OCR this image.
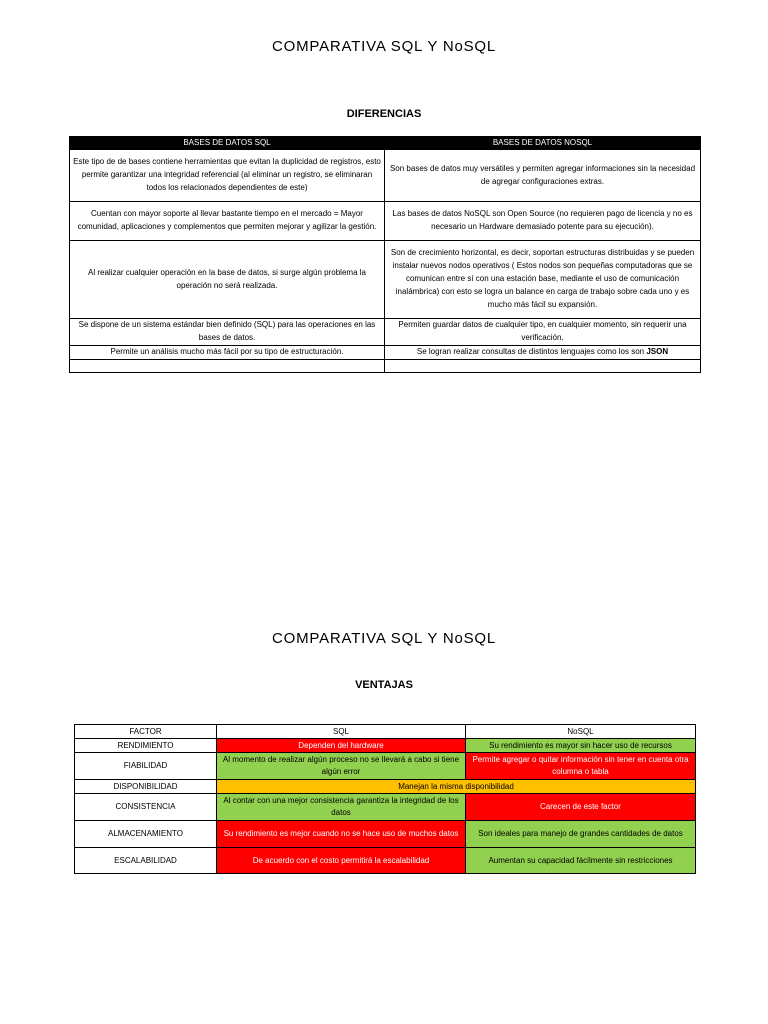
COMPARATIVA SQL Y NoSQL
DIFERENCIAS
BASES DE DATOS SQL	BASES DE DATOS NOSQL
Este tipo de de bases contiene herramientas que evitan la duplicidad de registros, esto permite garantizar una integridad referencial (al eliminar un registro, se eliminaran todos los relacionados dependientes de este)	Son bases de datos muy versátiles y permiten agregar informaciones sin la necesidad de agregar configuraciones extras.
Cuentan con mayor soporte al llevar bastante tiempo en el mercado = Mayor comunidad, aplicaciones y complementos que permiten mejorar y agilizar la gestión.	Las bases de datos NoSQL son Open Source (no requieren pago de licencia y no es necesario un Hardware demasiado potente para su ejecución).
Al realizar cualquier operación en la base de datos, si surge algún problema la operación no será realizada.	Son de crecimiento horizontal, es decir, soportan estructuras distribuidas y se pueden instalar nuevos nodos operativos ( Estos nodos son pequeñas computadoras que se comunican entre sí con una estación base, mediante el uso de comunicación inalámbrica) con esto se logra un balance en carga de trabajo sobre cada uno y es mucho más fácil su expansión.
Se dispone de un sistema estándar bien definido (SQL) para las operaciones en las bases de datos.	Permiten guardar datos de cualquier tipo, en cualquier momento, sin requerir una verificación.
Permite un análisis mucho más fácil por su tipo de estructuración.	Se logran realizar consultas de distintos lenguajes como los son JSON

COMPARATIVA SQL Y NoSQL
VENTAJAS
FACTOR	SQL	NoSQL
RENDIMIENTO	Dependen del hardware	Su rendimiento es mayor sin hacer uso de recursos
FIABILIDAD	Al momento de realizar algún proceso no se llevará a cabo si tiene algún error	Permite agregar o quitar información sin tener en cuenta otra columna o tabla
DISPONIBILIDAD	Manejan la misma disponibilidad	
CONSISTENCIA	Al contar con una mejor consistencia garantiza la integridad de los datos	Carecen de este factor
ALMACENAMIENTO	Su rendimiento es mejor cuando no se hace uso de muchos datos	Son ideales para manejo de grandes cantidades de datos
ESCALABILIDAD	De acuerdo con el costo permitirá la escalabilidad	Aumentan su capacidad fácilmente sin restricciones
